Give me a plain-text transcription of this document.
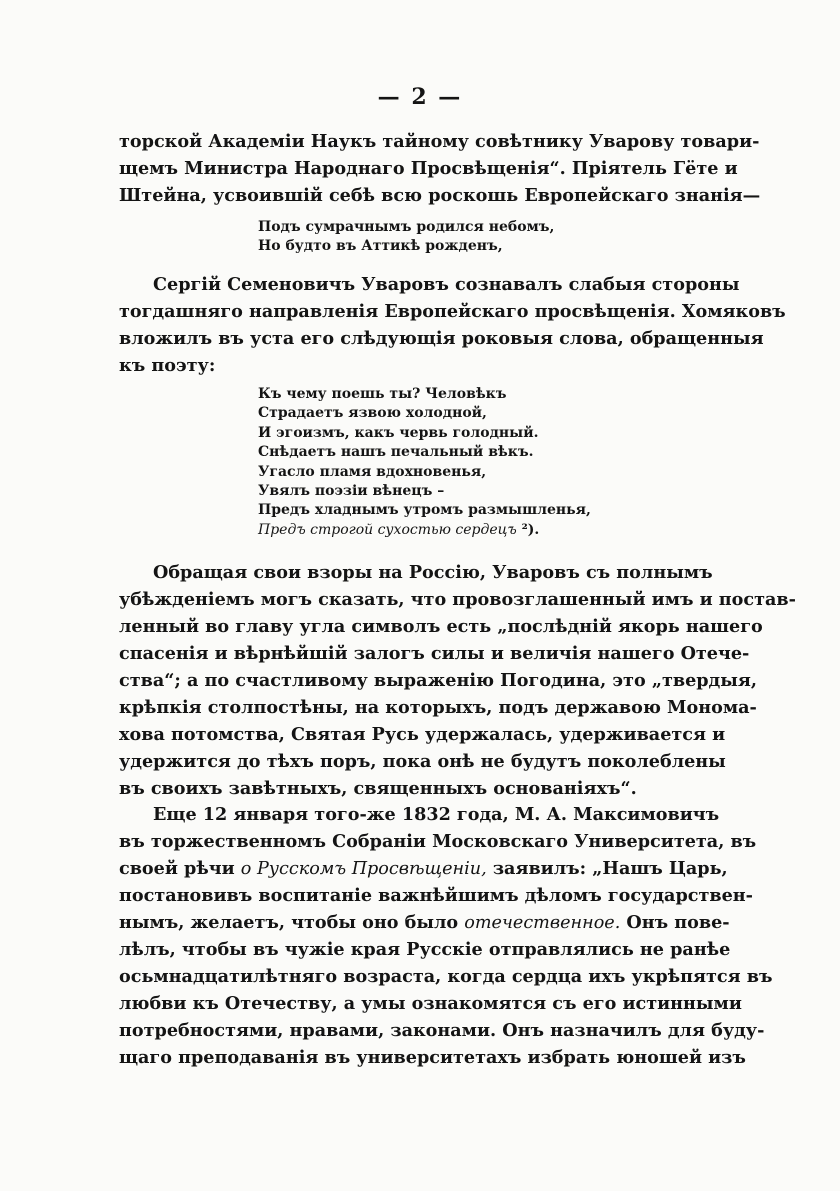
— 2 —
торской Академіи Наукъ тайному совѣтнику Уварову товари-
щемъ Министра Народнаго Просвѣщенія“. Пріятель Гёте и
Штейна, усвоившій себѣ всю роскошь Европейскаго знанія—
Подъ сумрачнымъ родился небомъ,
Но будто въ Аттикѣ рожденъ,
Сергій Семеновичъ Уваровъ сознавалъ слабыя стороны
тогдашняго направленія Европейскаго просвѣщенія. Хомяковъ
вложилъ въ уста его слѣдующія роковыя слова, обращенныя
къ поэту:
Къ чему поешь ты? Человѣкъ
Страдаетъ язвою холодной,
И эгоизмъ, какъ червь голодный.
Снѣдаетъ нашъ печальный вѣкъ.
Угасло пламя вдохновенья,
Увялъ поэзіи вѣнецъ –
Предъ хладнымъ утромъ размышленья,
Предъ строгой сухостью сердецъ ²).
Обращая свои взоры на Россію, Уваровъ съ полнымъ
убѣжденіемъ могъ сказать, что провозглашенный имъ и постав-
ленный во главу угла символъ есть „послѣдній якорь нашего
спасенія и вѣрнѣйшій залогъ силы и величія нашего Отече-
ства“; а по счастливому выраженію Погодина, это „твердыя,
крѣпкія столпостѣны, на которыхъ, подъ державою Монома-
хова потомства, Святая Русь удержалась, удерживается и
удержится до тѣхъ поръ, пока онѣ не будутъ поколеблены
въ своихъ завѣтныхъ, священныхъ основаніяхъ“.
Еще 12 января того-же 1832 года, М. А. Максимовичъ
въ торжественномъ Собраніи Московскаго Университета, въ
своей рѣчи о Русскомъ Просвѣщеніи, заявилъ: „Нашъ Царь,
постановивъ воспитаніе важнѣйшимъ дѣломъ государствен-
нымъ, желаетъ, чтобы оно было отечественное. Онъ пове-
лѣлъ, чтобы въ чужіе края Русскіе отправлялись не ранѣе
осьмнадцатилѣтняго возраста, когда сердца ихъ укрѣпятся въ
любви къ Отечеству, а умы ознакомятся съ его истинными
потребностями, нравами, законами. Онъ назначилъ для буду-
щаго преподаванія въ университетахъ избрать юношей изъ
